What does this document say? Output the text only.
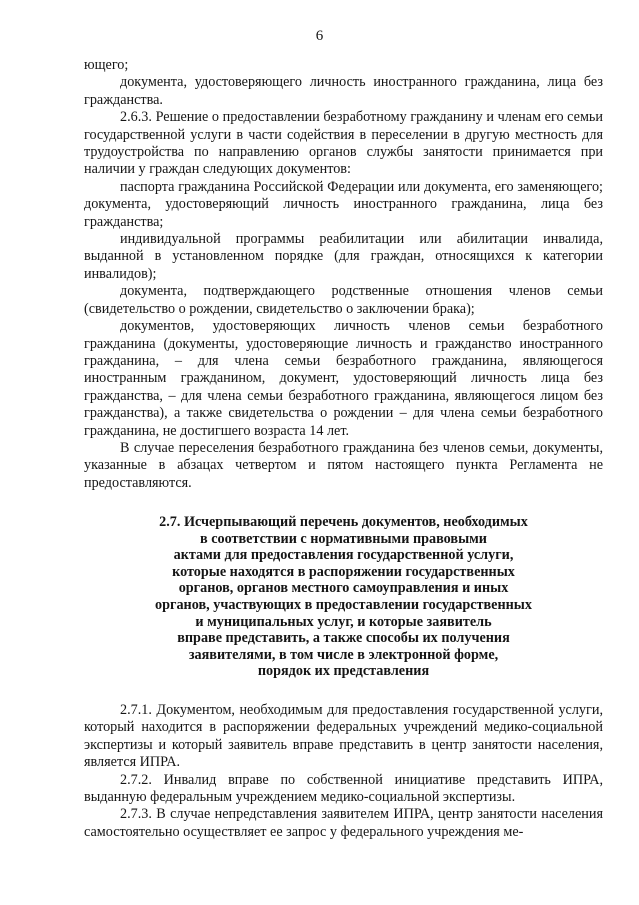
6

ющего;

документа, удостоверяющего личность иностранного гражданина, лица без гражданства.

2.6.3. Решение о предоставлении безработному гражданину и членам его семьи государственной услуги в части содействия в переселении в другую местность для трудоустройства по направлению органов службы занятости принимается при наличии у граждан следующих документов:

паспорта гражданина Российской Федерации или документа, его заменяющего; документа, удостоверяющий личность иностранного гражданина, лица без гражданства;

индивидуальной программы реабилитации или абилитации инвалида, выданной в установленном порядке (для граждан, относящихся к категории инвалидов);

документа, подтверждающего родственные отношения членов семьи (свидетельство о рождении, свидетельство о заключении брака);

документов, удостоверяющих личность членов семьи безработного гражданина (документы, удостоверяющие личность и гражданство иностранного гражданина, – для члена семьи безработного гражданина, являющегося иностранным гражданином, документ, удостоверяющий личность лица без гражданства, – для члена семьи безработного гражданина, являющегося лицом без гражданства), а также свидетельства о рождении – для члена семьи безработного гражданина, не достигшего возраста 14 лет.

В случае переселения безработного гражданина без членов семьи, документы, указанные в абзацах четвертом и пятом настоящего пункта Регламента не предоставляются.

2.7. Исчерпывающий перечень документов, необходимых
в соответствии с нормативными правовыми
актами для предоставления государственной услуги,
которые находятся в распоряжении государственных
органов, органов местного самоуправления и иных
органов, участвующих в предоставлении государственных
и муниципальных услуг, и которые заявитель
вправе представить, а также способы их получения
заявителями, в том числе в электронной форме,
порядок их представления

2.7.1. Документом, необходимым для предоставления государственной услуги, который находится в распоряжении федеральных учреждений медико-социальной экспертизы и который заявитель вправе представить в центр занятости населения, является ИПРА.

2.7.2. Инвалид вправе по собственной инициативе представить ИПРА, выданную федеральным учреждением медико-социальной экспертизы.

2.7.3. В случае непредставления заявителем ИПРА, центр занятости населения самостоятельно осуществляет ее запрос у федерального учреждения ме-
